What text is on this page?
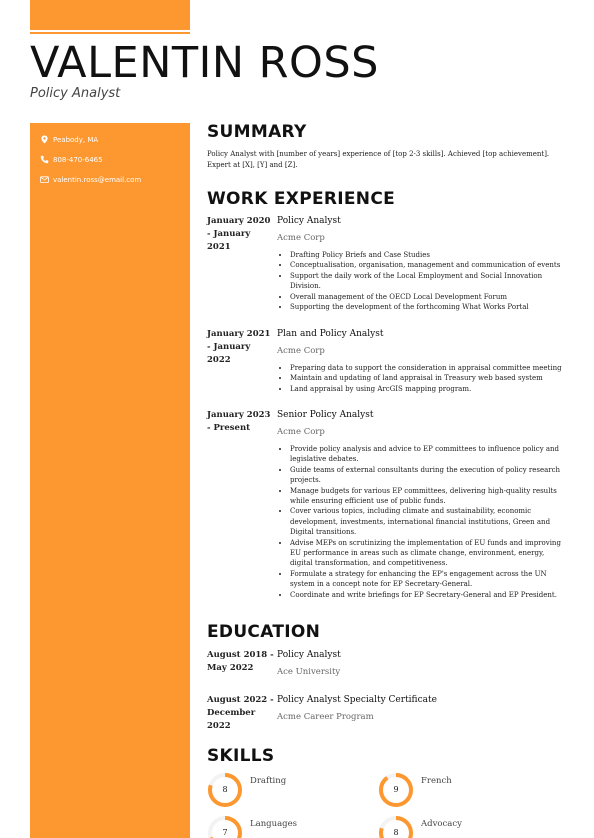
VALENTIN ROSS
Policy Analyst
Peabody, MA
808-470-6465
valentin.ross@email.com
SUMMARY

Policy Analyst with [number of years] experience of [top 2-3 skills]. Achieved [top achievement]. Expert at [X], [Y] and [Z].

WORK EXPERIENCE
January 2020 - January 2021
Policy Analyst
Acme Corp
• Drafting Policy Briefs and Case Studies
• Conceptualisation, organisation, management and communication of events
• Support the daily work of the Local Employment and Social Innovation Division.
• Overall management of the OECD Local Development Forum
• Supporting the development of the forthcoming What Works Portal
January 2021 - January 2022
Plan and Policy Analyst
Acme Corp
• Preparing data to support the consideration in appraisal committee meeting
• Maintain and updating of land appraisal in Treasury web based system
• Land appraisal by using ArcGIS mapping program.
January 2023 - Present
Senior Policy Analyst
Acme Corp
• Provide policy analysis and advice to EP committees to influence policy and legislative debates.
• Guide teams of external consultants during the execution of policy research projects.
• Manage budgets for various EP committees, delivering high-quality results while ensuring efficient use of public funds.
• Cover various topics, including climate and sustainability, economic development, investments, international financial institutions, Green and Digital transitions.
• Advise MEPs on scrutinizing the implementation of EU funds and improving EU performance in areas such as climate change, environment, energy, digital transformation, and competitiveness.
• Formulate a strategy for enhancing the EP's engagement across the UN system in a concept note for EP Secretary-General.
• Coordinate and write briefings for EP Secretary-General and EP President.
EDUCATION
August 2018 - May 2022
Policy Analyst
Ace University
August 2022 - December 2022
Policy Analyst Specialty Certificate
Acme Career Program
SKILLS
8
Drafting
9
French
7
Languages
8
Advocacy
